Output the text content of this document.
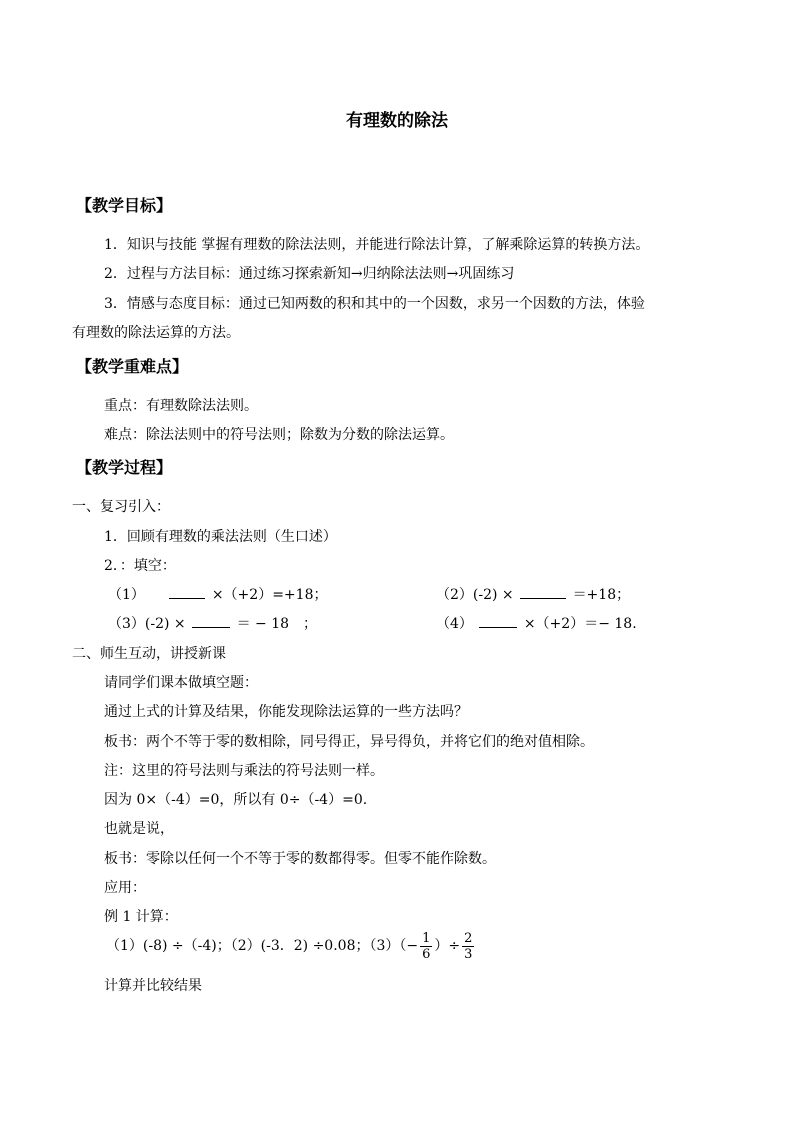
有理数的除法
【教学目标】
1．知识与技能 掌握有理数的除法法则，并能进行除法计算，了解乘除运算的转换方法。
2．过程与方法目标：通过练习探索新知→归纳除法法则→巩固练习
3．情感与态度目标：通过已知两数的积和其中的一个因数，求另一个因数的方法，体验
有理数的除法运算的方法。
【教学重难点】
重点：有理数除法法则。
难点：除法法则中的符号法则；除数为分数的除法运算。
【教学过程】
一、复习引入：
1．回顾有理数的乘法法则（生口述）
2．：填空：
（1）	×（+2）=+18；	（2）(-2) ×	＝+18；
（3）(-2) ×	＝ − 18　；	（4）	×（+2）＝− 18.
二、师生互动，讲授新课
请同学们课本做填空题：
通过上式的计算及结果，你能发现除法运算的一些方法吗？
板书：两个不等于零的数相除，同号得正，异号得负，并将它们的绝对值相除。
注：这里的符号法则与乘法的符号法则一样。
因为 0×（-4）=0，所以有 0÷（-4）=0.
也就是说，
板书：零除以任何一个不等于零的数都得零。但零不能作除数。
应用：
例 1 计算：
（1）(-8) ÷（-4)；（2）(-3．2) ÷0.08；$(3)(- \frac{1}{6}$ ）÷ $\frac{2}{3}$
计算并比较结果
